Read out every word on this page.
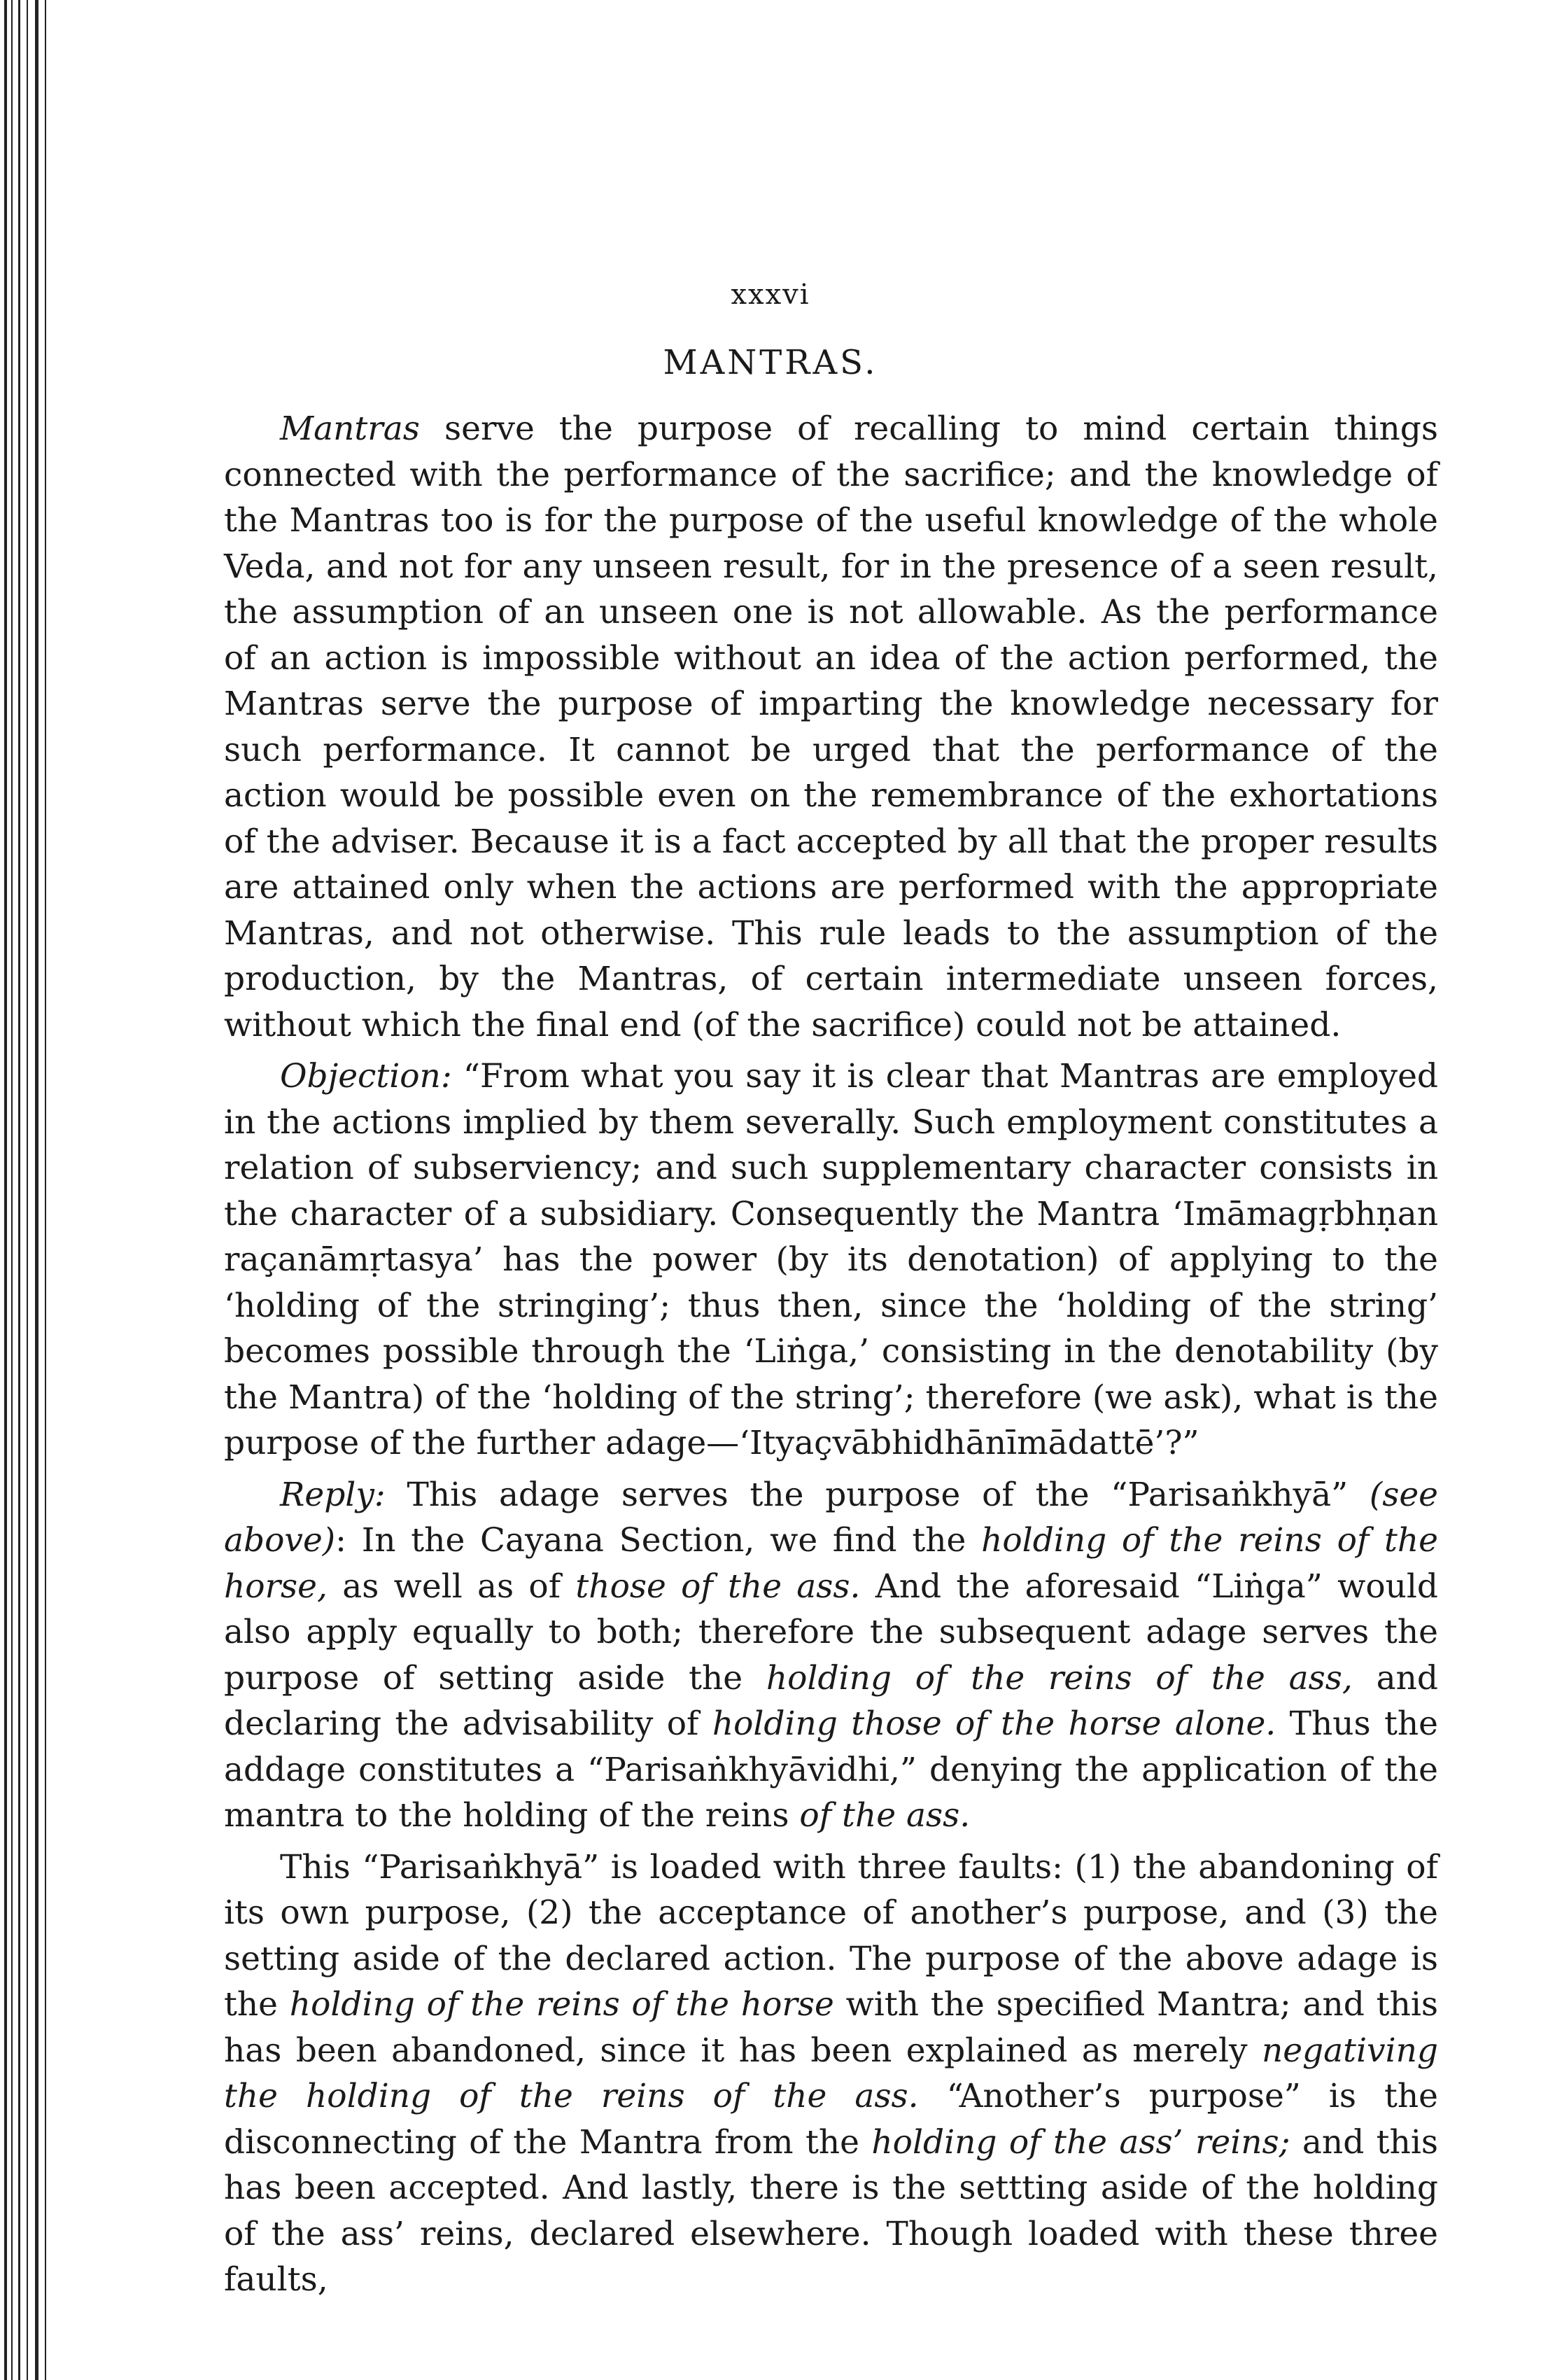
xxxvi
MANTRAS.

Mantras serve the purpose of recalling to mind certain things connected with the performance of the sacrifice; and the knowledge of the Mantras too is for the purpose of the useful knowledge of the whole Veda, and not for any unseen result, for in the presence of a seen result, the assumption of an unseen one is not allowable. As the performance of an action is impossible without an idea of the action performed, the Mantras serve the purpose of imparting the knowledge necessary for such performance. It cannot be urged that the performance of the action would be possible even on the remembrance of the exhortations of the adviser. Because it is a fact accepted by all that the proper results are attained only when the actions are performed with the appropriate Mantras, and not otherwise. This rule leads to the assumption of the production, by the Mantras, of certain intermediate unseen forces, without which the final end (of the sacrifice) could not be attained.

Objection: “From what you say it is clear that Mantras are employed in the actions implied by them severally. Such employment constitutes a relation of subserviency; and such supplementary character consists in the character of a subsidiary. Consequently the Mantra ‘Imāmagṛbhṇan raçanāmṛtasya’ has the power (by its denotation) of applying to the ‘holding of the stringing’; thus then, since the ‘holding of the string’ becomes possible through the ‘Liṅga,’ consisting in the denotability (by the Mantra) of the ‘holding of the string’; therefore (we ask), what is the purpose of the further adage—‘Ityaçvābhidhānīmādattē’?”

Reply: This adage serves the purpose of the “Parisaṅkhyā” (see above): In the Cayana Section, we find the holding of the reins of the horse, as well as of those of the ass. And the aforesaid “Liṅga” would also apply equally to both; therefore the subsequent adage serves the purpose of setting aside the holding of the reins of the ass, and declaring the advisability of holding those of the horse alone. Thus the addage constitutes a “Parisaṅkhyāvidhi,” denying the application of the mantra to the holding of the reins of the ass.

This “Parisaṅkhyā” is loaded with three faults: (1) the abandoning of its own purpose, (2) the acceptance of another’s purpose, and (3) the setting aside of the declared action. The purpose of the above adage is the holding of the reins of the horse with the specified Mantra; and this has been abandoned, since it has been explained as merely negativing the holding of the reins of the ass. “Another’s purpose” is the disconnecting of the Mantra from the holding of the ass’ reins; and this has been accepted. And lastly, there is the settting aside of the holding of the ass’ reins, declared elsewhere. Though loaded with these three faults,
